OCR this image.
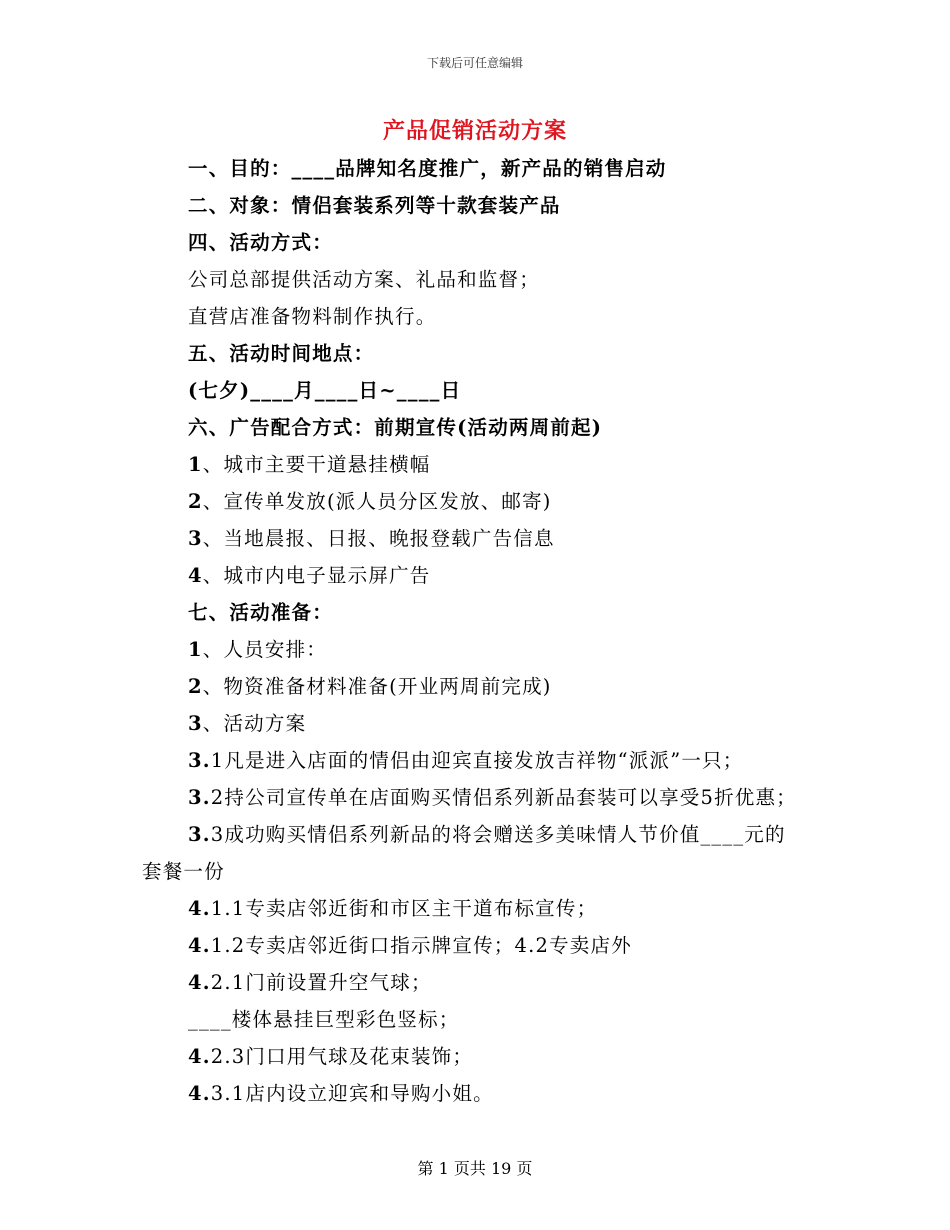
下载后可任意编辑
产品促销活动方案
一、目的：____品牌知名度推广，新产品的销售启动
二、对象：情侣套装系列等十款套装产品
四、活动方式：
公司总部提供活动方案、礼品和监督；
直营店准备物料制作执行。
五、活动时间地点：
(七夕)____月____日~____日
六、广告配合方式：前期宣传(活动两周前起)
1、城市主要干道悬挂横幅
2、宣传单发放(派人员分区发放、邮寄)
3、当地晨报、日报、晚报登载广告信息
4、城市内电子显示屏广告
七、活动准备：
1、人员安排：
2、物资准备材料准备(开业两周前完成)
3、活动方案
3.1凡是进入店面的情侣由迎宾直接发放吉祥物“派派”一只；
3.2持公司宣传单在店面购买情侣系列新品套装可以享受5折优惠；
3.3成功购买情侣系列新品的将会赠送多美味情人节价值____元的
套餐一份
4.1.1专卖店邻近街和市区主干道布标宣传；
4.1.2专卖店邻近街口指示牌宣传；4.2专卖店外
4.2.1门前设置升空气球；
____楼体悬挂巨型彩色竖标；
4.2.3门口用气球及花束装饰；
4.3.1店内设立迎宾和导购小姐。
第 1 页共 19 页
